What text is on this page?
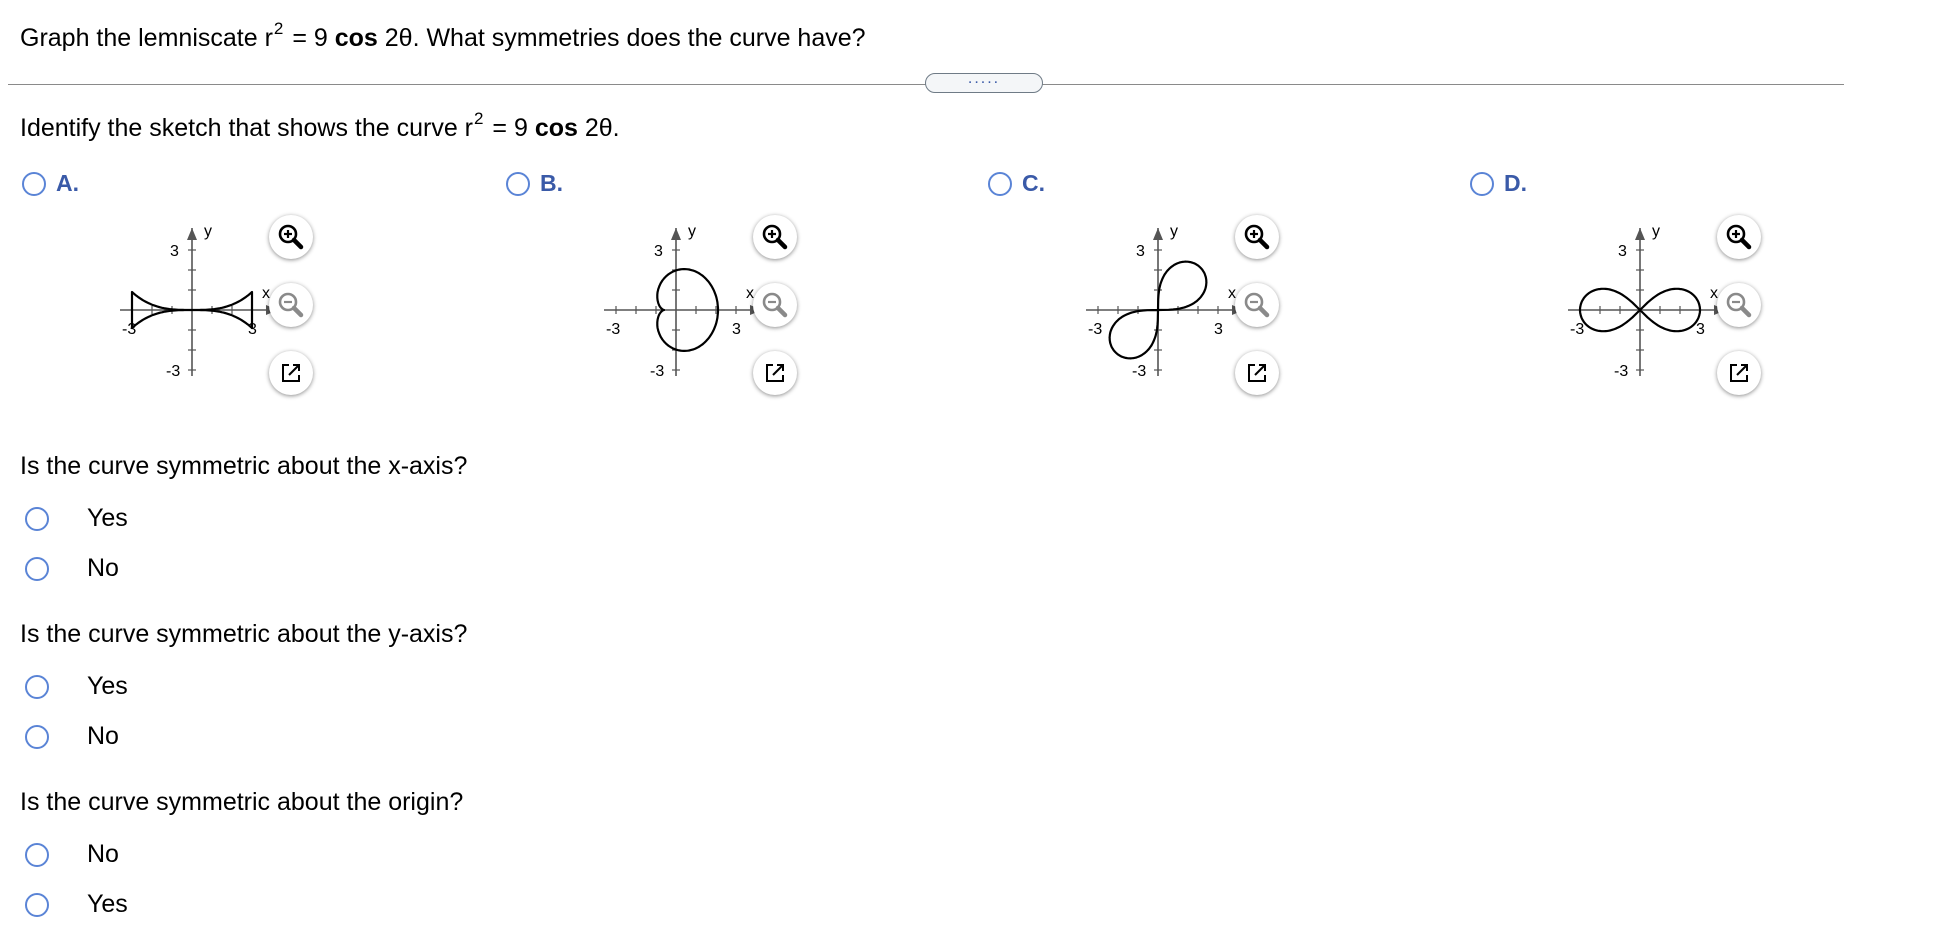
Graph the lemniscate $r^2 = 9$ cos 2θ. What symmetries does the curve have?
.....
Identify the sketch that shows the curve $r^2 = 9$ cos 2θ.
A.
y
x
3
-3
-3	3
B.
y
x
3
-3
-3	3
C.
y
x
3
-3
-3	3
D.
y
x
3
-3
-3	3
Is the curve symmetric about the x-axis?
Yes
No
Is the curve symmetric about the y-axis?
Yes
No
Is the curve symmetric about the origin?
No
Yes
